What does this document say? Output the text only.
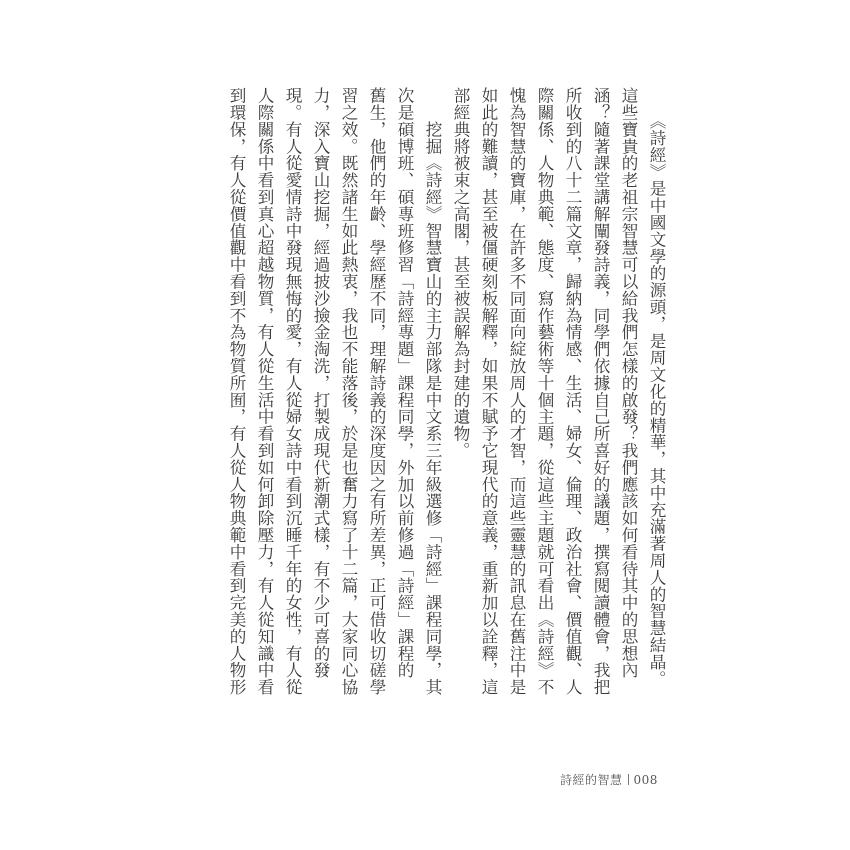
　　《詩經》是中國文學的源頭，是周文化的精華，其中充滿著周人的智慧結晶。
這些寶貴的老祖宗智慧可以給我們怎樣的啟發？我們應該如何看待其中的思想內
涵？隨著課堂講解闡發詩義，同學們依據自己所喜好的議題，撰寫閱讀體會，我把
所收到的八十二篇文章，歸納為情感、生活、婦女、倫理、政治社會、價值觀、人
際關係、人物典範、態度、寫作藝術等十個主題，從這些主題就可看出《詩經》不
愧為智慧的寶庫，在許多不同面向綻放周人的才智，而這些靈慧的訊息在舊注中是
如此的難讀，甚至被僵硬刻板解釋，如果不賦予它現代的意義，重新加以詮釋，這
部經典將被束之高閣，甚至被誤解為封建的遺物。
　　挖掘《詩經》智慧寶山的主力部隊是中文系三年級選修「詩經」課程同學，其
次是碩博班、碩專班修習「詩經專題」課程同學，外加以前修過「詩經」課程的
舊生，他們的年齡、學經歷不同，理解詩義的深度因之有所差異，正可借收切磋學
習之效。既然諸生如此熱衷，我也不能落後，於是也奮力寫了十二篇，大家同心協
力，深入寶山挖掘，經過披沙撿金淘洗，打製成現代新潮式樣，有不少可喜的發
現。有人從愛情詩中發現無悔的愛，有人從婦女詩中看到沉睡千年的女性，有人從
人際關係中看到真心超越物質，有人從生活中看到如何卸除壓力，有人從知識中看
到環保，有人從價值觀中看到不為物質所囿，有人從人物典範中看到完美的人物形
詩經的智慧 008
